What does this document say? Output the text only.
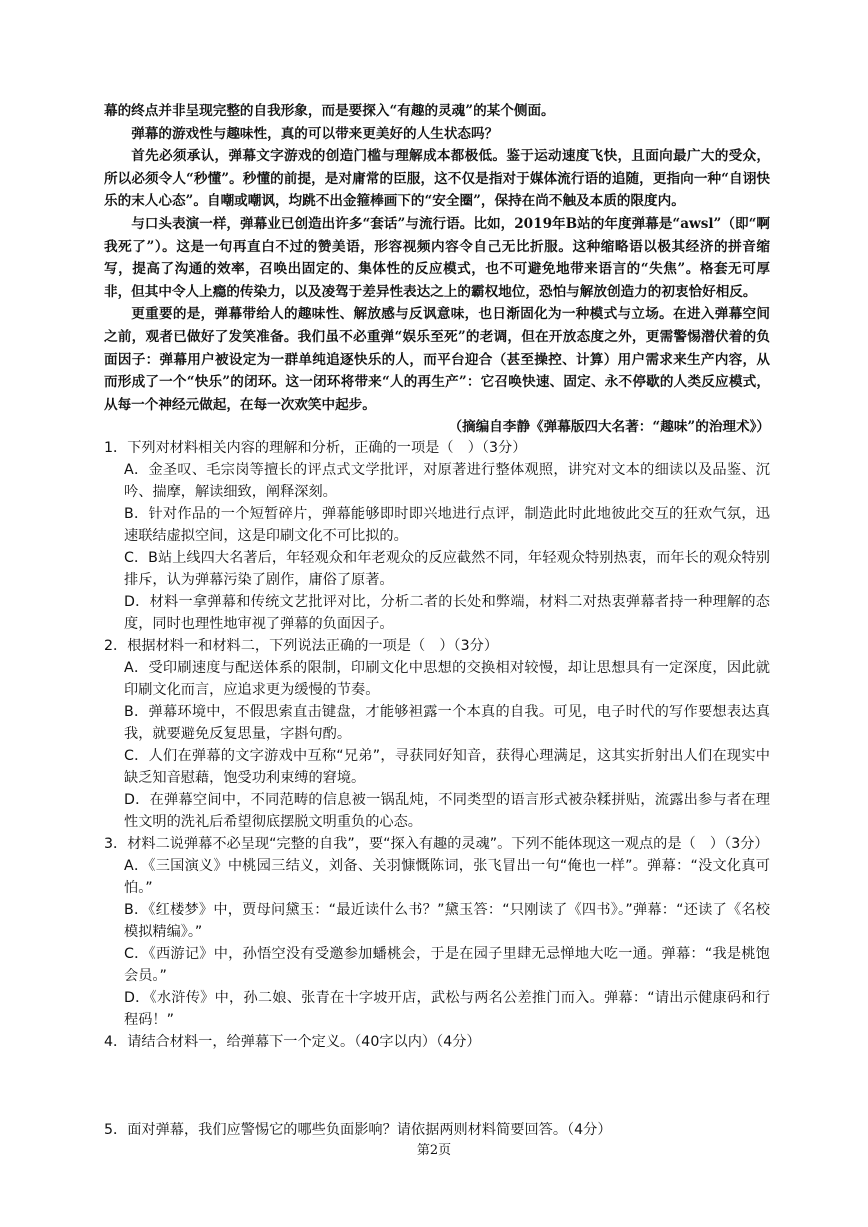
幕的终点并非呈现完整的自我形象，而是要探入“有趣的灵魂”的某个侧面。

弹幕的游戏性与趣味性，真的可以带来更美好的人生状态吗？

首先必须承认，弹幕文字游戏的创造门槛与理解成本都极低。鉴于运动速度飞快，且面向最广大的受众，所以必须令人“秒懂”。秒懂的前提，是对庸常的臣服，这不仅是指对于媒体流行语的追随，更指向一种“自诩快乐的末人心态”。自嘲或嘲讽，均跳不出金箍棒画下的“安全圈”，保持在尚不触及本质的限度内。

与口头表演一样，弹幕业已创造出许多“套话”与流行语。比如，2019年B站的年度弹幕是“awsl”（即“啊我死了”）。这是一句再直白不过的赞美语，形容视频内容令自己无比折服。这种缩略语以极其经济的拼音缩写，提高了沟通的效率，召唤出固定的、集体性的反应模式，也不可避免地带来语言的“失焦”。格套无可厚非，但其中令人上瘾的传染力，以及凌驾于差异性表达之上的霸权地位，恐怕与解放创造力的初衷恰好相反。

更重要的是，弹幕带给人的趣味性、解放感与反讽意味，也日渐固化为一种模式与立场。在进入弹幕空间之前，观者已做好了发笑准备。我们虽不必重弹“娱乐至死”的老调，但在开放态度之外，更需警惕潜伏着的负面因子：弹幕用户被设定为一群单纯追逐快乐的人，而平台迎合（甚至操控、计算）用户需求来生产内容，从而形成了一个“快乐”的闭环。这一闭环将带来“人的再生产”：它召唤快速、固定、永不停歇的人类反应模式，从每一个神经元做起，在每一次欢笑中起步。

（摘编自李静《弹幕版四大名著：“趣味”的治理术》）

1．下列对材料相关内容的理解和分析，正确的一项是（　）（3分）

A．金圣叹、毛宗岗等擅长的评点式文学批评，对原著进行整体观照，讲究对文本的细读以及品鉴、沉吟、揣摩，解读细致，阐释深刻。

B．针对作品的一个短暂碎片，弹幕能够即时即兴地进行点评，制造此时此地彼此交互的狂欢气氛，迅速联结虚拟空间，这是印刷文化不可比拟的。

C．B站上线四大名著后，年轻观众和年老观众的反应截然不同，年轻观众特别热衷，而年长的观众特别排斥，认为弹幕污染了剧作，庸俗了原著。

D．材料一拿弹幕和传统文艺批评对比，分析二者的长处和弊端，材料二对热衷弹幕者持一种理解的态度，同时也理性地审视了弹幕的负面因子。

2．根据材料一和材料二，下列说法正确的一项是（　）（3分）

A．受印刷速度与配送体系的限制，印刷文化中思想的交换相对较慢，却让思想具有一定深度，因此就印刷文化而言，应追求更为缓慢的节奏。

B．弹幕环境中，不假思索直击键盘，才能够袒露一个本真的自我。可见，电子时代的写作要想表达真我，就要避免反复思量，字斟句酌。

C．人们在弹幕的文字游戏中互称“兄弟”，寻获同好知音，获得心理满足，这其实折射出人们在现实中缺乏知音慰藉，饱受功利束缚的窘境。

D．在弹幕空间中，不同范畴的信息被一锅乱炖，不同类型的语言形式被杂糅拼贴，流露出参与者在理性文明的洗礼后希望彻底摆脱文明重负的心态。

3．材料二说弹幕不必呈现“完整的自我”，要“探入有趣的灵魂”。下列不能体现这一观点的是（　）（3分）

A．《三国演义》中桃园三结义，刘备、关羽慷慨陈词，张飞冒出一句“俺也一样”。弹幕：“没文化真可怕。”

B．《红楼梦》中，贾母问黛玉：“最近读什么书？”黛玉答：“只刚读了《四书》。”弹幕：“还读了《名校模拟精编》。”

C．《西游记》中，孙悟空没有受邀参加蟠桃会，于是在园子里肆无忌惮地大吃一通。弹幕：“我是桃饱会员。”

D．《水浒传》中，孙二娘、张青在十字坡开店，武松与两名公差推门而入。弹幕：“请出示健康码和行程码！”

4．请结合材料一，给弹幕下一个定义。（40字以内）（4分）

5．面对弹幕，我们应警惕它的哪些负面影响？请依据两则材料简要回答。（4分）

第2页
